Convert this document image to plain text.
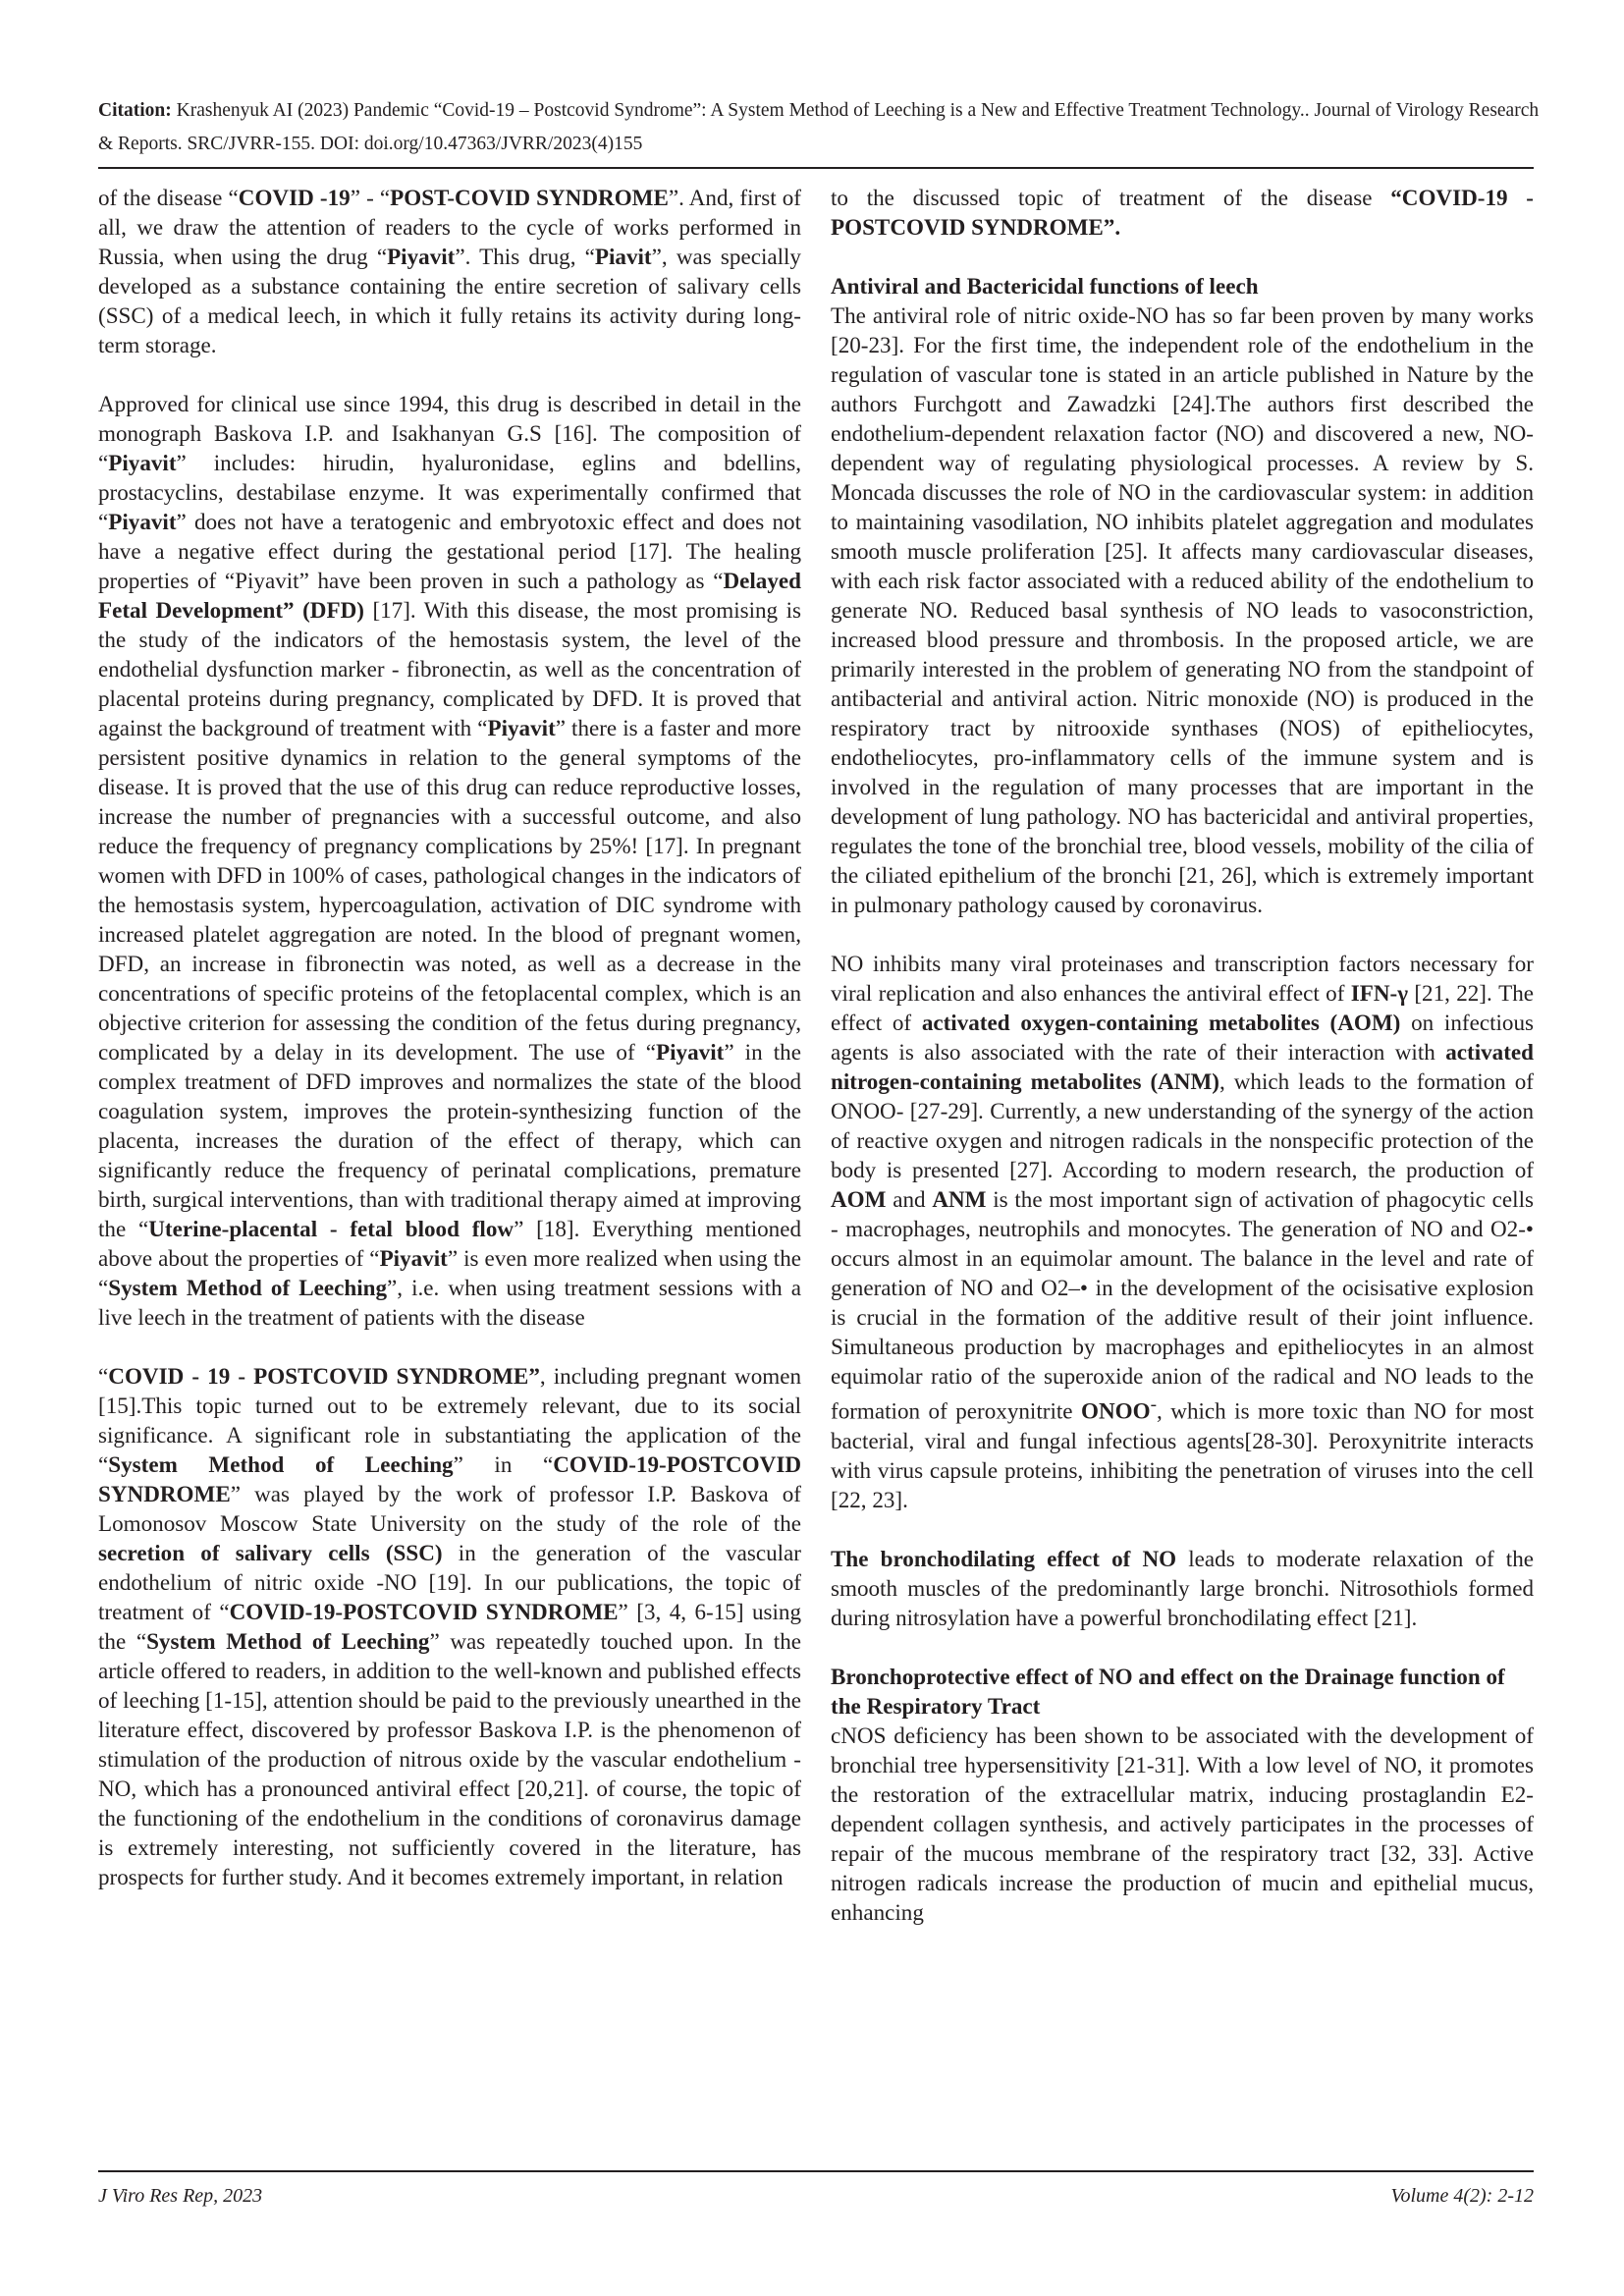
Citation: Krashenyuk AI (2023) Pandemic “Covid-19 – Postcovid Syndrome”: A System Method of Leeching is a New and Effective Treatment Technology.. Journal of Virology Research & Reports. SRC/JVRR-155. DOI: doi.org/10.47363/JVRR/2023(4)155

of the disease “COVID -19” - “POST-COVID SYNDROME”. And, first of all, we draw the attention of readers to the cycle of works performed in Russia, when using the drug “Piyavit”. This drug, “Piavit”, was specially developed as a substance containing the entire secretion of salivary cells (SSC) of a medical leech, in which it fully retains its activity during long-term storage.

Approved for clinical use since 1994, this drug is described in detail in the monograph Baskova I.P. and Isakhanyan G.S [16]. The composition of “Piyavit” includes: hirudin, hyaluronidase, eglins and bdellins, prostacyclins, destabilase enzyme. It was experimentally confirmed that “Piyavit” does not have a teratogenic and embryotoxic effect and does not have a negative effect during the gestational period [17]. The healing properties of “Piyavit” have been proven in such a pathology as “Delayed Fetal Development” (DFD) [17]. With this disease, the most promising is the study of the indicators of the hemostasis system, the level of the endothelial dysfunction marker - fibronectin, as well as the concentration of placental proteins during pregnancy, complicated by DFD. It is proved that against the background of treatment with “Piyavit” there is a faster and more persistent positive dynamics in relation to the general symptoms of the disease. It is proved that the use of this drug can reduce reproductive losses, increase the number of pregnancies with a successful outcome, and also reduce the frequency of pregnancy complications by 25%! [17]. In pregnant women with DFD in 100% of cases, pathological changes in the indicators of the hemostasis system, hypercoagulation, activation of DIC syndrome with increased platelet aggregation are noted. In the blood of pregnant women, DFD, an increase in fibronectin was noted, as well as a decrease in the concentrations of specific proteins of the fetoplacental complex, which is an objective criterion for assessing the condition of the fetus during pregnancy, complicated by a delay in its development. The use of “Piyavit” in the complex treatment of DFD improves and normalizes the state of the blood coagulation system, improves the protein-synthesizing function of the placenta, increases the duration of the effect of therapy, which can significantly reduce the frequency of perinatal complications, premature birth, surgical interventions, than with traditional therapy aimed at improving the “Uterine-placental - fetal blood flow” [18]. Everything mentioned above about the properties of “Piyavit” is even more realized when using the “System Method of Leeching”, i.e. when using treatment sessions with a live leech in the treatment of patients with the disease

“COVID - 19 - POSTCOVID SYNDROME”, including pregnant women [15].This topic turned out to be extremely relevant, due to its social significance. A significant role in substantiating the application of the “System Method of Leeching” in “COVID-19-POSTCOVID SYNDROME” was played by the work of professor I.P. Baskova of Lomonosov Moscow State University on the study of the role of the secretion of salivary cells (SSC) in the generation of the vascular endothelium of nitric oxide -NO [19]. In our publications, the topic of treatment of “COVID-19-POSTCOVID SYNDROME” [3, 4, 6-15] using the “System Method of Leeching” was repeatedly touched upon. In the article offered to readers, in addition to the well-known and published effects of leeching [1-15], attention should be paid to the previously unearthed in the literature effect, discovered by professor Baskova I.P. is the phenomenon of stimulation of the production of nitrous oxide by the vascular endothelium - NO, which has a pronounced antiviral effect [20,21]. of course, the topic of the functioning of the endothelium in the conditions of coronavirus damage is extremely interesting, not sufficiently covered in the literature, has prospects for further study. And it becomes extremely important, in relation

to the discussed topic of treatment of the disease “COVID-19 - POSTCOVID SYNDROME”.

Antiviral and Bactericidal functions of leech

The antiviral role of nitric oxide-NO has so far been proven by many works [20-23]. For the first time, the independent role of the endothelium in the regulation of vascular tone is stated in an article published in Nature by the authors Furchgott and Zawadzki [24].The authors first described the endothelium-dependent relaxation factor (NO) and discovered a new, NO-dependent way of regulating physiological processes. A review by S. Moncada discusses the role of NO in the cardiovascular system: in addition to maintaining vasodilation, NO inhibits platelet aggregation and modulates smooth muscle proliferation [25]. It affects many cardiovascular diseases, with each risk factor associated with a reduced ability of the endothelium to generate NO. Reduced basal synthesis of NO leads to vasoconstriction, increased blood pressure and thrombosis. In the proposed article, we are primarily interested in the problem of generating NO from the standpoint of antibacterial and antiviral action. Nitric monoxide (NO) is produced in the respiratory tract by nitrooxide synthases (NOS) of epitheliocytes, endotheliocytes, pro-inflammatory cells of the immune system and is involved in the regulation of many processes that are important in the development of lung pathology. NO has bactericidal and antiviral properties, regulates the tone of the bronchial tree, blood vessels, mobility of the cilia of the ciliated epithelium of the bronchi [21, 26], which is extremely important in pulmonary pathology caused by coronavirus.

NO inhibits many viral proteinases and transcription factors necessary for viral replication and also enhances the antiviral effect of IFN-γ [21, 22]. The effect of activated oxygen-containing metabolites (AOM) on infectious agents is also associated with the rate of their interaction with activated nitrogen-containing metabolites (ANM), which leads to the formation of ONOO- [27-29]. Currently, a new understanding of the synergy of the action of reactive oxygen and nitrogen radicals in the nonspecific protection of the body is presented [27]. According to modern research, the production of AOM and ANM is the most important sign of activation of phagocytic cells - macrophages, neutrophils and monocytes. The generation of NO and O2-• occurs almost in an equimolar amount. The balance in the level and rate of generation of NO and O2–• in the development of the ocisisative explosion is crucial in the formation of the additive result of their joint influence. Simultaneous production by macrophages and epitheliocytes in an almost equimolar ratio of the superoxide anion of the radical and NO leads to the formation of peroxynitrite ONOO-, which is more toxic than NO for most bacterial, viral and fungal infectious agents[28-30]. Peroxynitrite interacts with virus capsule proteins, inhibiting the penetration of viruses into the cell [22, 23].

The bronchodilating effect of NO leads to moderate relaxation of the smooth muscles of the predominantly large bronchi. Nitrosothiols formed during nitrosylation have a powerful bronchodilating effect [21].

Bronchoprotective effect of NO and effect on the Drainage function of the Respiratory Tract

cNOS deficiency has been shown to be associated with the development of bronchial tree hypersensitivity [21-31]. With a low level of NO, it promotes the restoration of the extracellular matrix, inducing prostaglandin E2-dependent collagen synthesis, and actively participates in the processes of repair of the mucous membrane of the respiratory tract [32, 33]. Active nitrogen radicals increase the production of mucin and epithelial mucus, enhancing

J Viro Res Rep, 2023	Volume 4(2): 2-12
